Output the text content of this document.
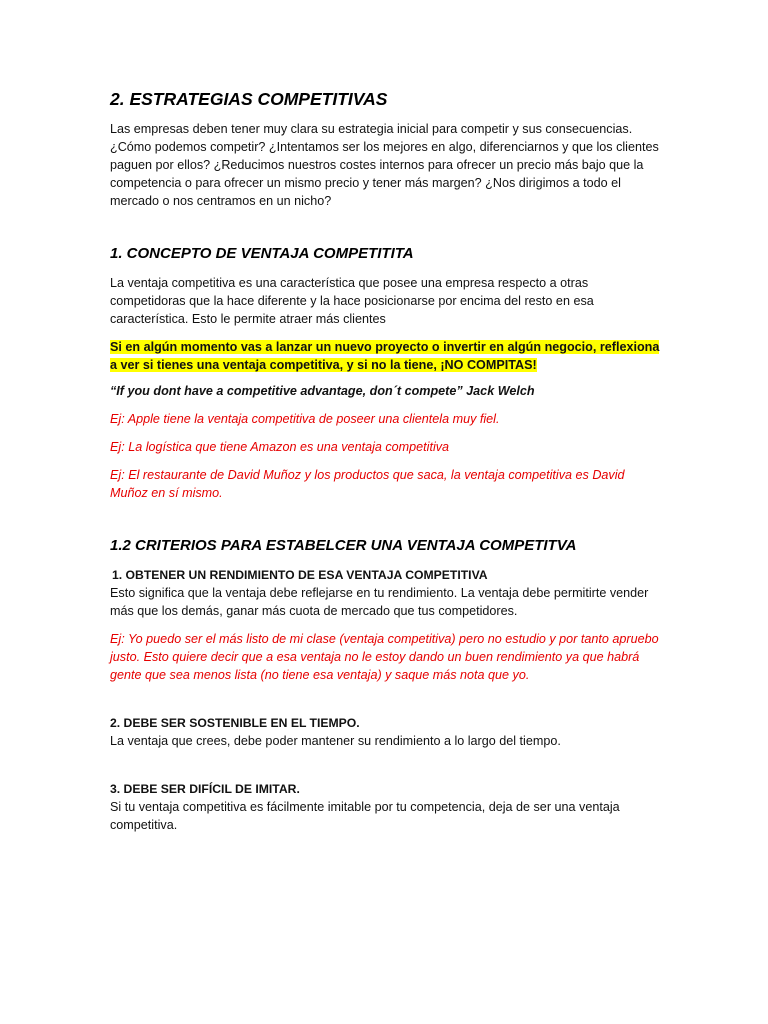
2. ESTRATEGIAS COMPETITIVAS

Las empresas deben tener muy clara su estrategia inicial para competir y sus consecuencias. ¿Cómo podemos competir? ¿Intentamos ser los mejores en algo, diferenciarnos y que los clientes paguen por ellos? ¿Reducimos nuestros costes internos para ofrecer un precio más bajo que la competencia o para ofrecer un mismo precio y tener más margen? ¿Nos dirigimos a todo el mercado o nos centramos en un nicho?

1. CONCEPTO DE VENTAJA COMPETITITA

La ventaja competitiva es una característica que posee una empresa respecto a otras competidoras que la hace diferente y la hace posicionarse por encima del resto en esa característica. Esto le permite atraer más clientes

Si en algún momento vas a lanzar un nuevo proyecto o invertir en algún negocio, reflexiona a ver si tienes una ventaja competitiva, y si no la tiene, ¡NO COMPITAS!

“If you dont have a competitive advantage, don´t compete” Jack Welch

Ej: Apple tiene la ventaja competitiva de poseer una clientela muy fiel.

Ej: La logística que tiene Amazon es una ventaja competitiva

Ej: El restaurante de David Muñoz y los productos que saca, la ventaja competitiva es David Muñoz en sí mismo.

1.2 CRITERIOS PARA ESTABELCER UNA VENTAJA COMPETITVA

1. OBTENER UN RENDIMIENTO DE ESA VENTAJA COMPETITIVA

Esto significa que la ventaja debe reflejarse en tu rendimiento. La ventaja debe permitirte vender más que los demás, ganar más cuota de mercado que tus competidores.

Ej: Yo puedo ser el más listo de mi clase (ventaja competitiva) pero no estudio y por tanto apruebo justo. Esto quiere decir que a esa ventaja no le estoy dando un buen rendimiento ya que habrá gente que sea menos lista (no tiene esa ventaja) y saque más nota que yo.

2. DEBE SER SOSTENIBLE EN EL TIEMPO.

La ventaja que crees, debe poder mantener su rendimiento a lo largo del tiempo.

3. DEBE SER DIFÍCIL DE IMITAR.

Si tu ventaja competitiva es fácilmente imitable por tu competencia, deja de ser una ventaja competitiva.
